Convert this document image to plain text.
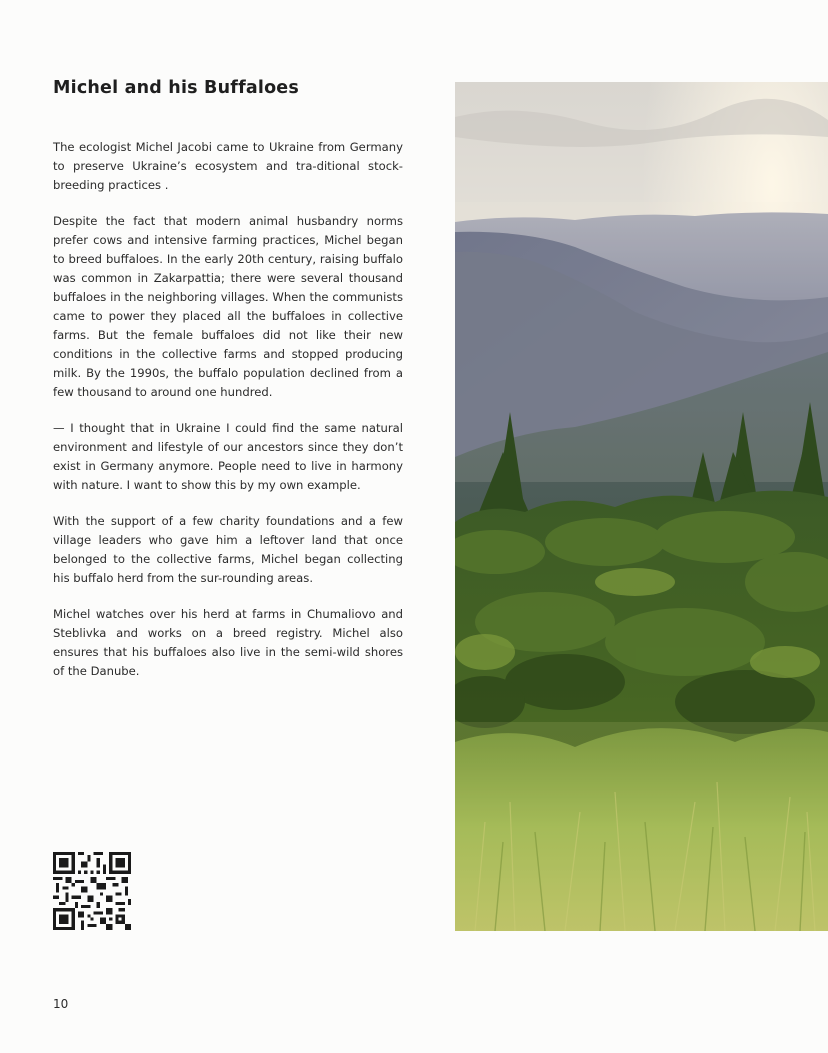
Michel and his Buffaloes

The ecologist Michel Jacobi came to Ukraine from Germany to preserve Ukraine’s ecosystem and tra-ditional stock-breeding practices .

Despite the fact that modern animal husbandry norms prefer cows and intensive farming practices, Michel began to breed buffaloes. In the early 20th century, raising buffalo was common in Zakarpattia; there were several thousand buffaloes in the neighboring villages. When the communists came to power they placed all the buffaloes in collective farms. But the female buffaloes did not like their new conditions in the collective farms and stopped producing milk. By the 1990s, the buffalo population declined from a few thousand to around one hundred.

— I thought that in Ukraine I could find the same natural environment and lifestyle of our ancestors since they don’t exist in Germany anymore. People need to live in harmony with nature. I want to show this by my own example.

With the support of a few charity foundations and a few village leaders who gave him a leftover land that once belonged to the collective farms, Michel began collecting his buffalo herd from the sur-rounding areas.

Michel watches over his herd at farms in Chumaliovo and Steblivka and works on a breed registry. Michel also ensures that his buffaloes also live in the semi-wild shores of the Danube.

10
